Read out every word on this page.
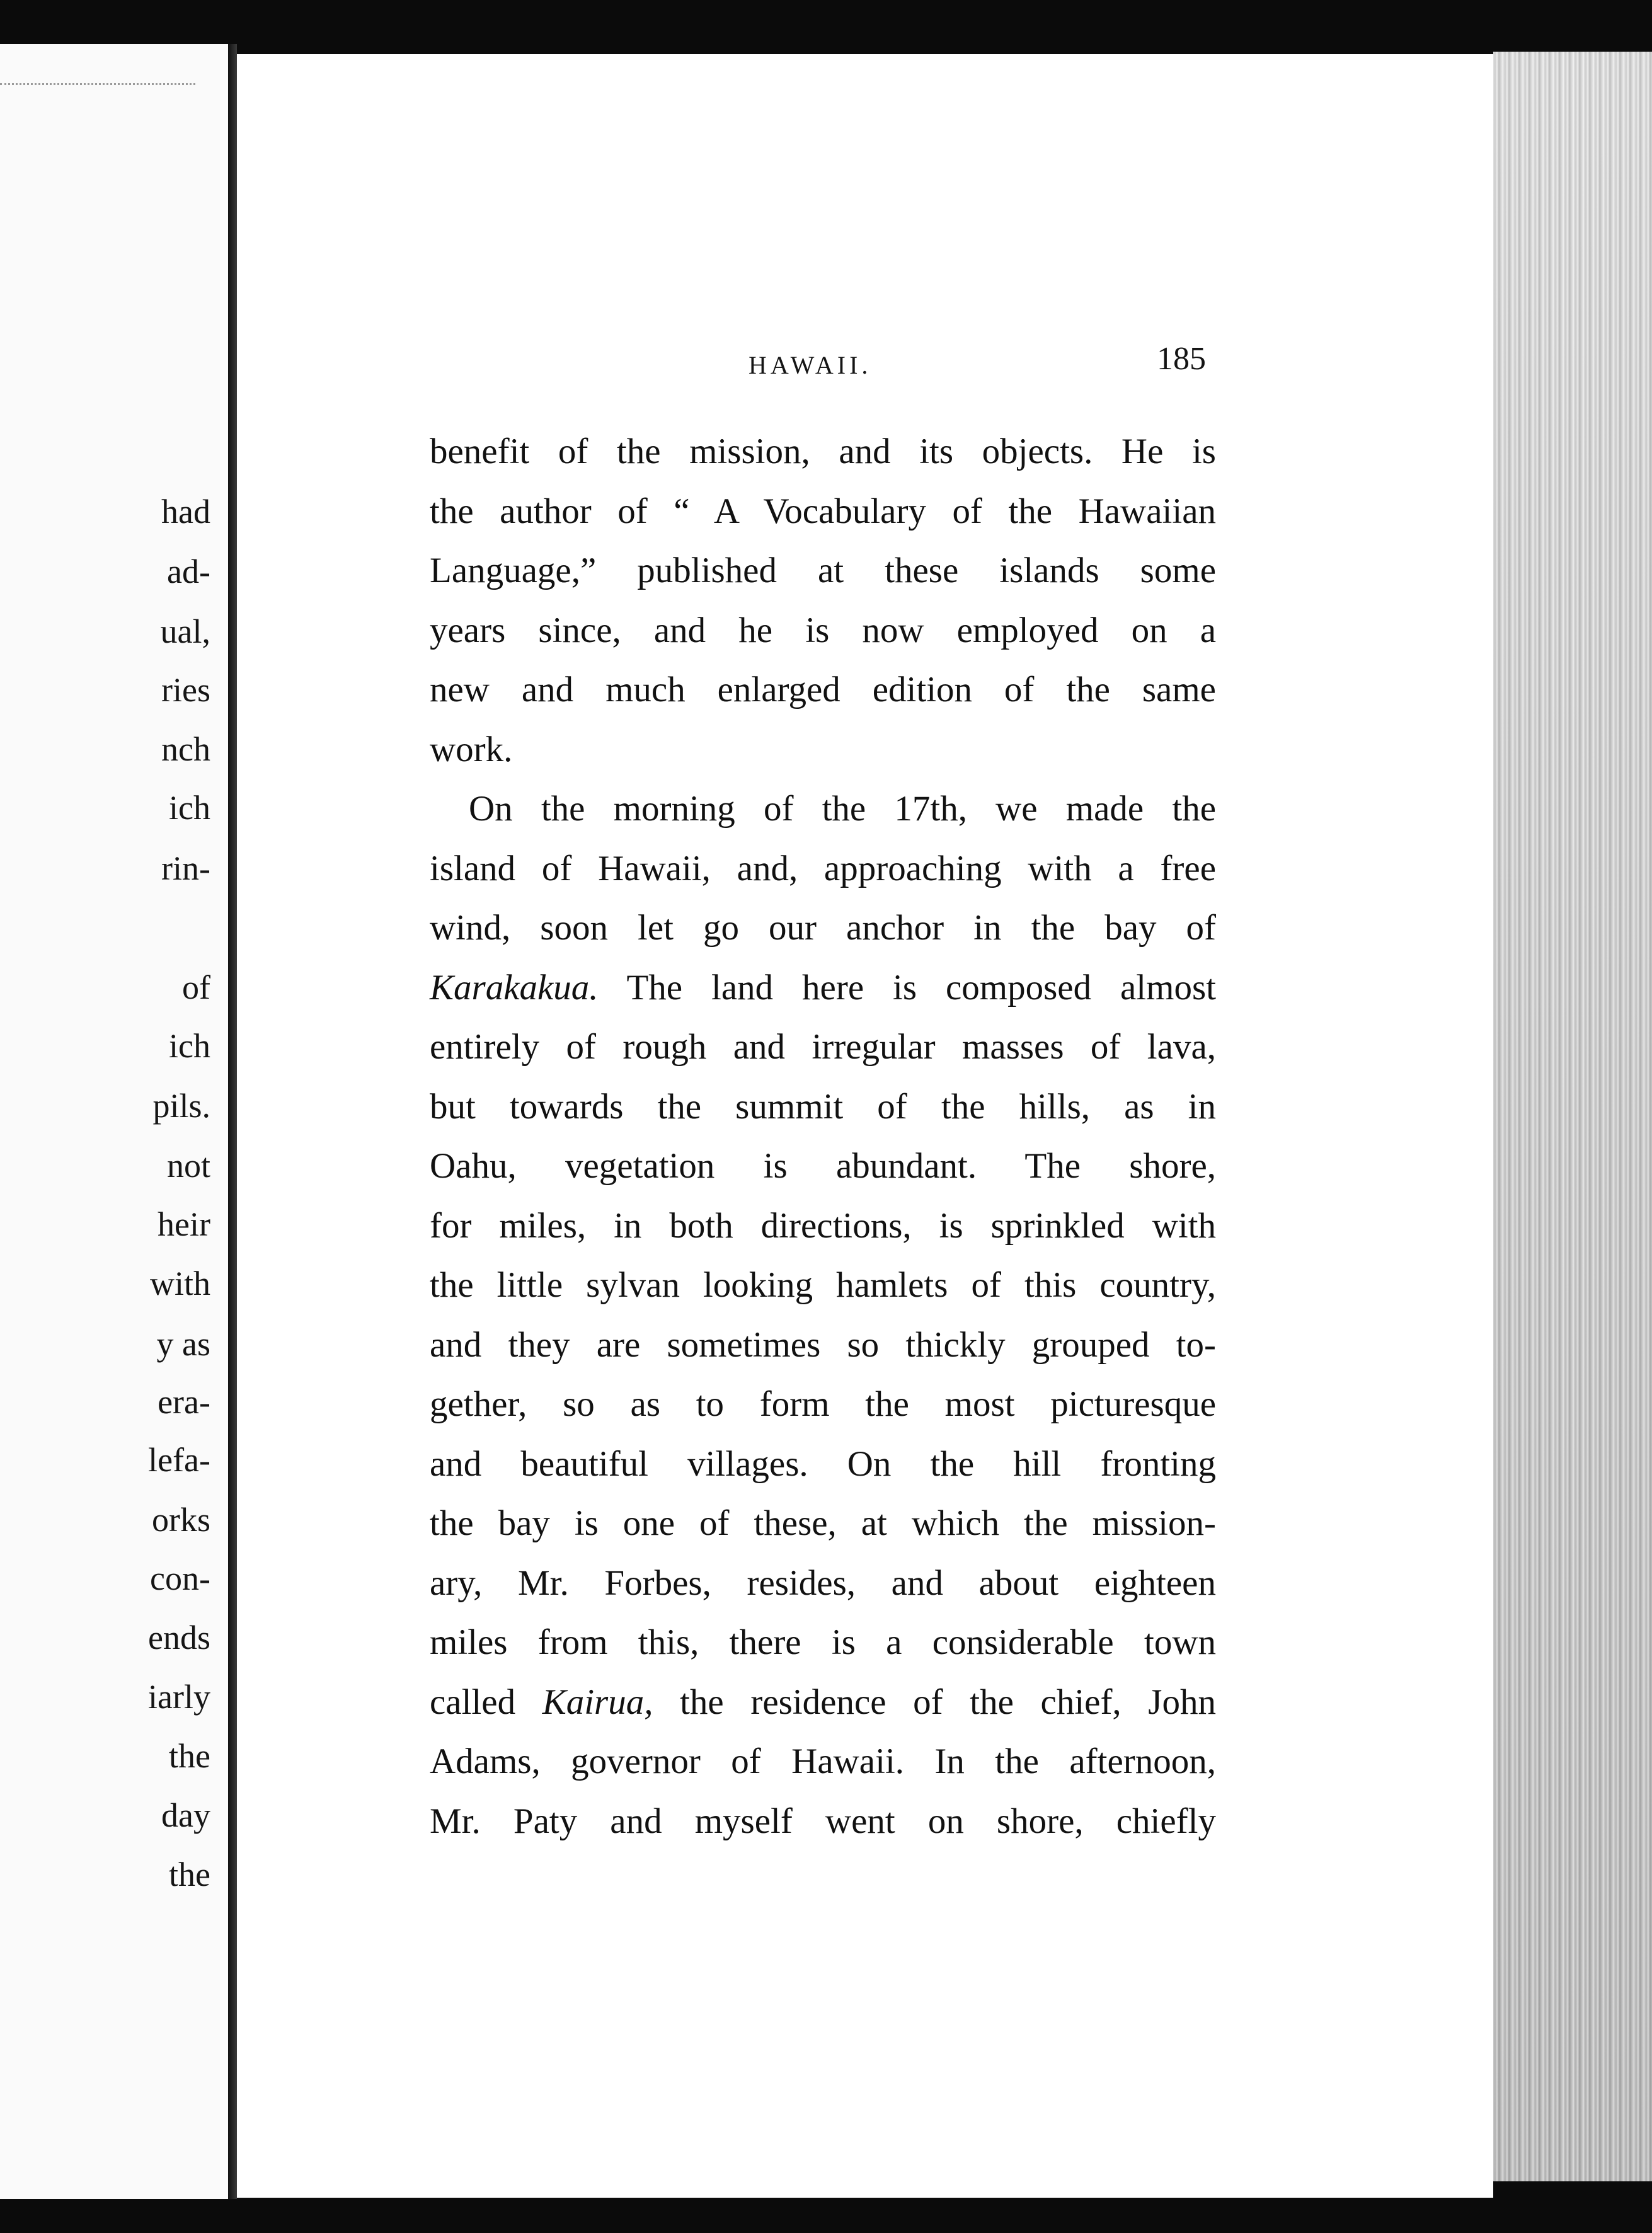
had
ad-
ual,
ries
nch
ich
rin-
of
ich
pils.
not
heir
with
y as
era-
lefa-
orks
con-
ends
iarly
the
day
the
HAWAII.	185
benefit of the mission, and its objects. He is
the author of “ A Vocabulary of the Hawaiian
Language,” published at these islands some
years since, and he is now employed on a
new and much enlarged edition of the same
work.
On the morning of the 17th, we made the
island of Hawaii, and, approaching with a free
wind, soon let go our anchor in the bay of
Karakakua. The land here is composed almost
entirely of rough and irregular masses of lava,
but towards the summit of the hills, as in
Oahu, vegetation is abundant. The shore,
for miles, in both directions, is sprinkled with
the little sylvan looking hamlets of this country,
and they are sometimes so thickly grouped to-
gether, so as to form the most picturesque
and beautiful villages. On the hill fronting
the bay is one of these, at which the mission-
ary, Mr. Forbes, resides, and about eighteen
miles from this, there is a considerable town
called Kairua, the residence of the chief, John
Adams, governor of Hawaii. In the afternoon,
Mr. Paty and myself went on shore, chiefly
